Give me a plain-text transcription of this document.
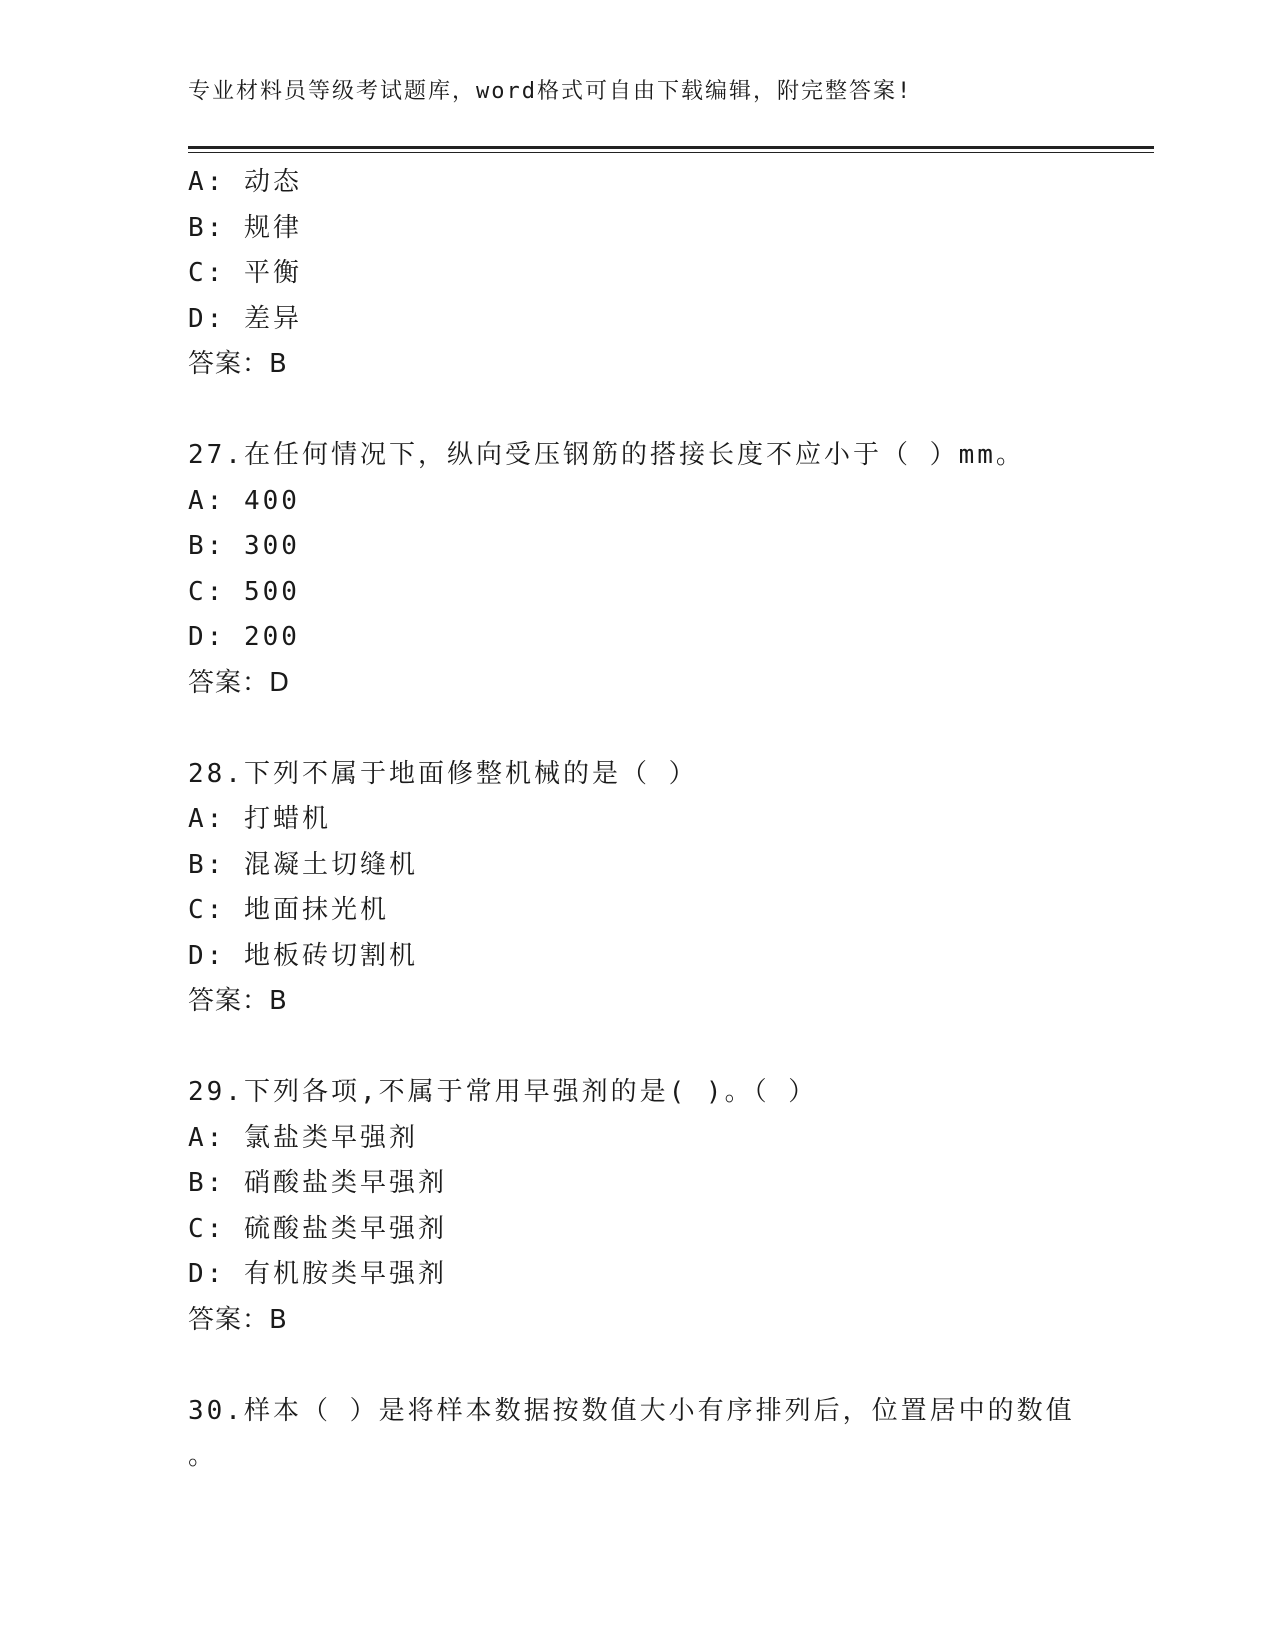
专业材料员等级考试题库，word格式可自由下载编辑，附完整答案!
A: 动态
B: 规律
C: 平衡
D: 差异
答案：B
27.在任何情况下，纵向受压钢筋的搭接长度不应小于（ ）mm。
A: 400
B: 300
C: 500
D: 200
答案：D
28.下列不属于地面修整机械的是（ ）
A: 打蜡机
B: 混凝土切缝机
C: 地面抹光机
D: 地板砖切割机
答案：B
29.下列各项,不属于常用早强剂的是( )。（ ）
A: 氯盐类早强剂
B: 硝酸盐类早强剂
C: 硫酸盐类早强剂
D: 有机胺类早强剂
答案：B
30.样本（ ）是将样本数据按数值大小有序排列后，位置居中的数值
。
